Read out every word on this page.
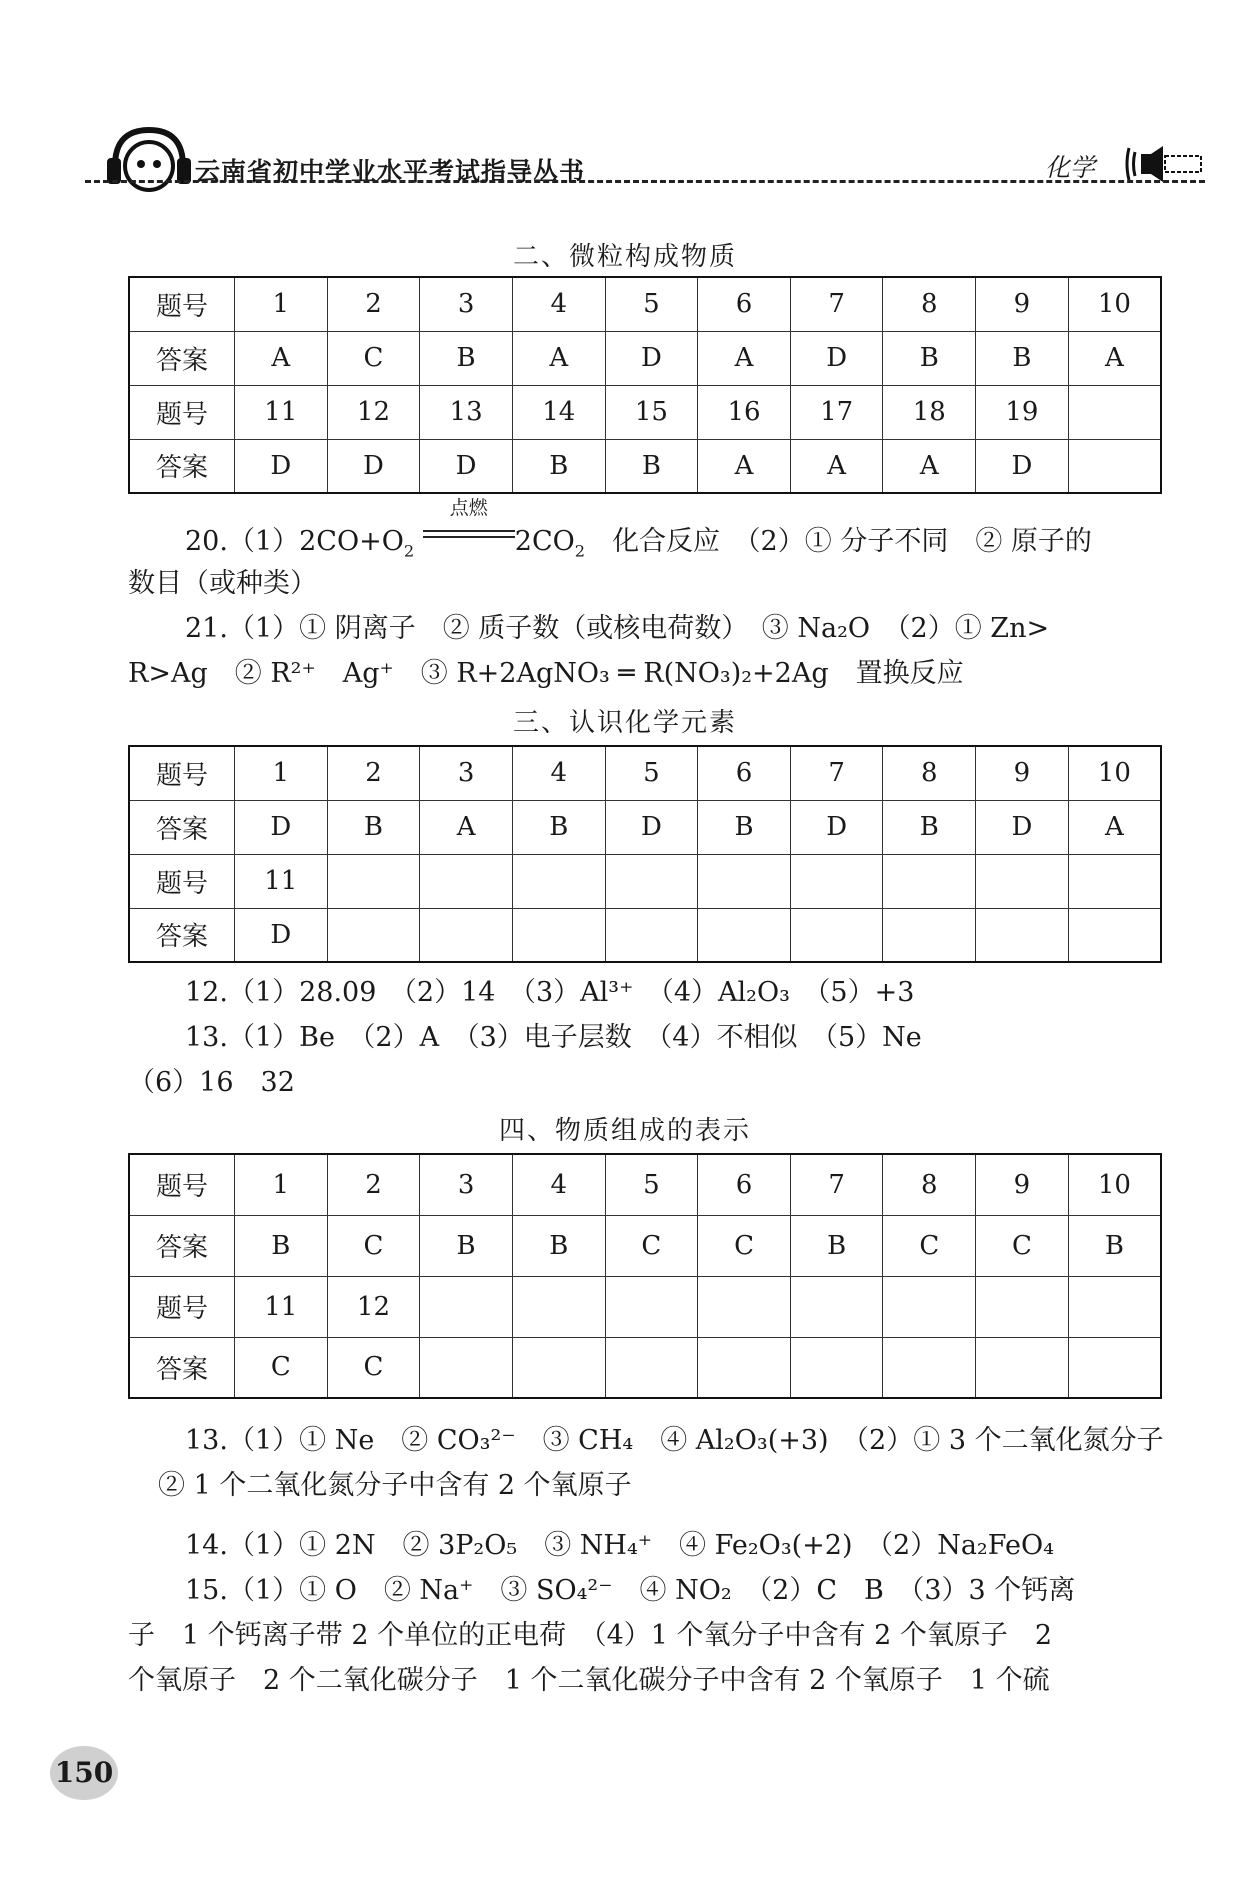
云南省初中学业水平考试指导丛书	化学
二、微粒构成物质
题号	1	2	3	4	5	6	7	8	9	10
答案	A	C	B	A	D	A	D	B	B	A
题号	11	12	13	14	15	16	17	18	19	
答案	D	D	D	B	B	A	A	A	D	
$20.(1)2CO+O_2$
点燃
$2CO_2$　 化合反应　（2）① 分子不同　② 原子的
数目（或种类）
21.（1）① 阴离子　② 质子数（或核电荷数）　③ Na₂O　（2）① Zn>
R>Ag　② R²⁺　Ag⁺　③ R+2AgNO₃ ═ R(NO₃)₂+2Ag　置换反应
三、认识化学元素
题号	1	2	3	4	5	6	7	8	9	10
答案	D	B	A	B	D	B	D	B	D	A
题号	11									
答案	D									
12.（1）28.09　（2）14　（3）Al³⁺　（4）Al₂O₃　（5）+3
13.（1）Be　（2）A　（3）电子层数　（4）不相似　（5）Ne
（6）16　32
四、物质组成的表示
题号	1	2	3	4	5	6	7	8	9	10
答案	B	C	B	B	C	C	B	C	C	B
题号	11	12								
答案	C	C								
13.（1）① Ne　② CO₃²⁻　③ CH₄　④ Al₂O₃(+3)　（2）① 3 个二氧化氮分子
② 1 个二氧化氮分子中含有 2 个氧原子
14.（1）① 2N　② 3P₂O₅　③ NH₄⁺　④ Fe₂O₃(+2)　（2）Na₂FeO₄
15.（1）① O　② Na⁺　③ SO₄²⁻　④ NO₂　（2）C　B　（3）3 个钙离
子　1 个钙离子带 2 个单位的正电荷　（4）1 个氧分子中含有 2 个氧原子　2
个氧原子　2 个二氧化碳分子　1 个二氧化碳分子中含有 2 个氧原子　1 个硫
150
